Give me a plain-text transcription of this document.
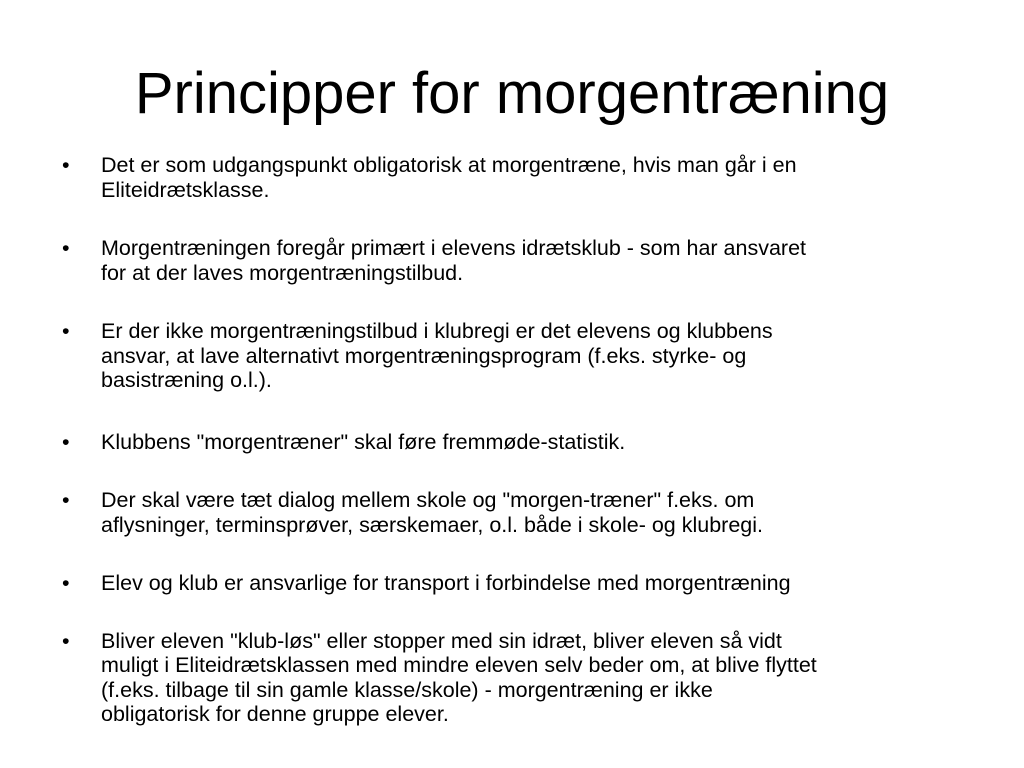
Principper for morgentræning
• Det er som udgangspunkt obligatorisk at morgentræne, hvis man går i en
Eliteidrætsklasse.
• Morgentræningen foregår primært i elevens idrætsklub - som har ansvaret
for at der laves morgentræningstilbud.
• Er der ikke morgentræningstilbud i klubregi er det elevens og klubbens
ansvar, at lave alternativt morgentræningsprogram (f.eks. styrke- og
basistræning o.l.).
• Klubbens "morgentræner" skal føre fremmøde-statistik.
• Der skal være tæt dialog mellem skole og "morgen-træner" f.eks. om
aflysninger, terminsprøver, særskemaer, o.l. både i skole- og klubregi.
• Elev og klub er ansvarlige for transport i forbindelse med morgentræning
• Bliver eleven "klub-løs" eller stopper med sin idræt, bliver eleven så vidt
muligt i Eliteidrætsklassen med mindre eleven selv beder om, at blive flyttet
(f.eks. tilbage til sin gamle klasse/skole) - morgentræning er ikke
obligatorisk for denne gruppe elever.
